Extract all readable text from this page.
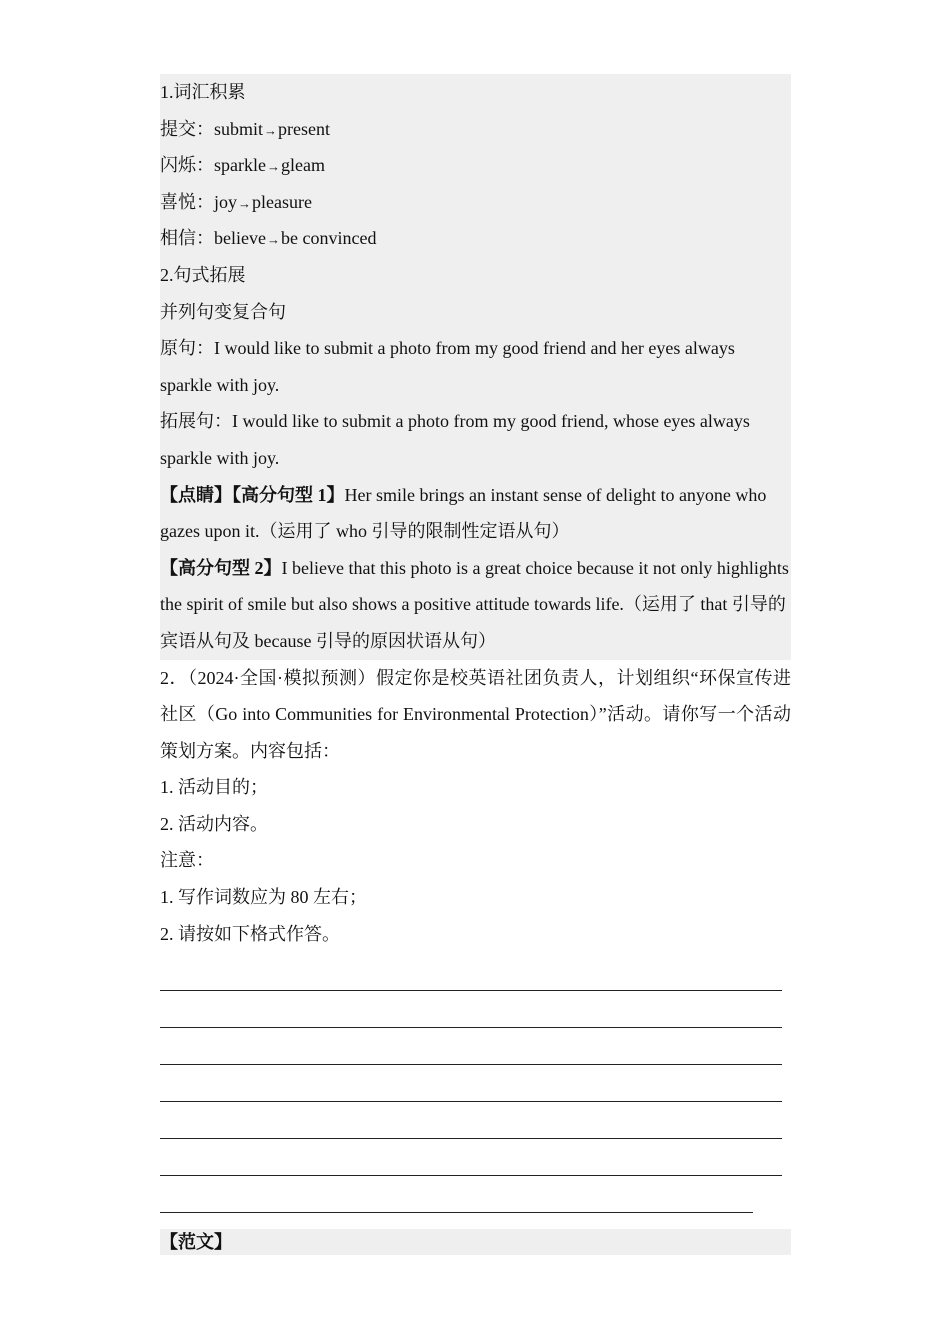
1.词汇积累
提交：submit→present
闪烁：sparkle→gleam
喜悦：joy→pleasure
相信：believe→be convinced
2.句式拓展
并列句变复合句
原句：I would like to submit a photo from my good friend and her eyes always sparkle with joy.
拓展句：I would like to submit a photo from my good friend, whose eyes always sparkle with joy.
【点睛】【高分句型 1】Her smile brings an instant sense of delight to anyone who gazes upon it.（运用了 who 引导的限制性定语从句）
【高分句型 2】I believe that this photo is a great choice because it not only highlights the spirit of smile but also shows a positive attitude towards life.（运用了 that 引导的宾语从句及 because 引导的原因状语从句）
2．（2024·全国·模拟预测）假定你是校英语社团负责人，计划组织“环保宣传进社区（Go into Communities for Environmental Protection）”活动。请你写一个活动策划方案。内容包括：
1. 活动目的；
2. 活动内容。
注意：
1. 写作词数应为 80 左右；
2. 请按如下格式作答。
【范文】
